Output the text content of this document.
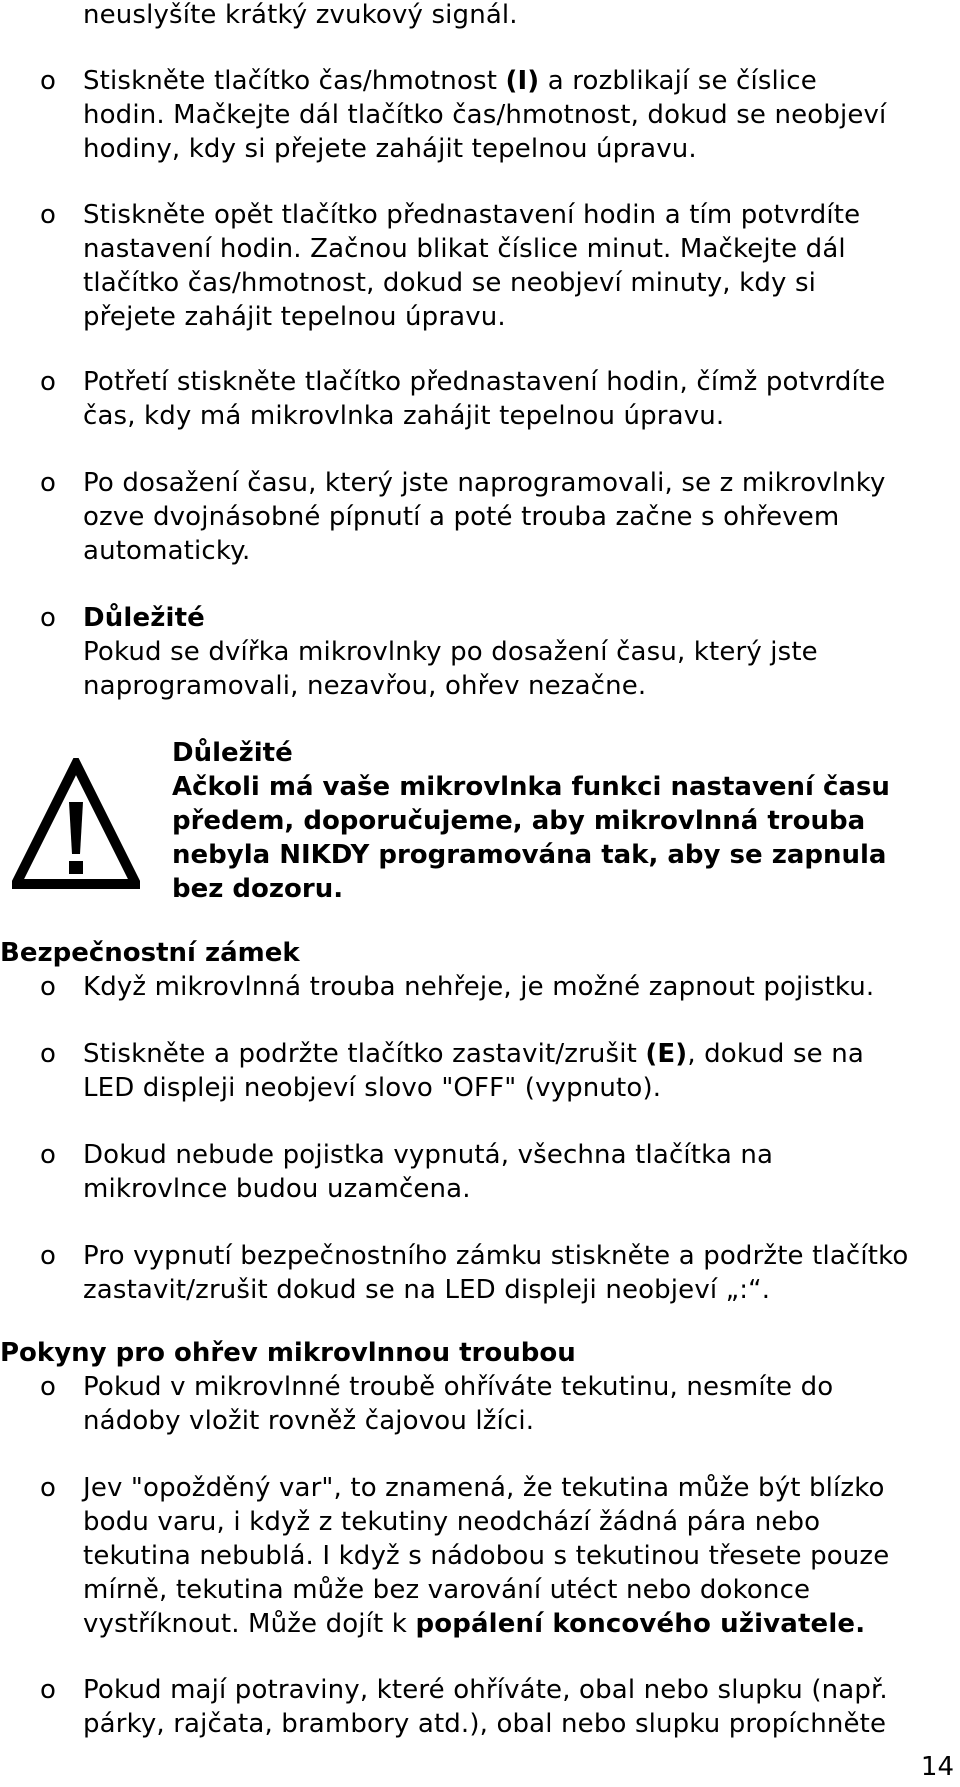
neuslyšíte krátký zvukový signál.
o Stiskněte tlačítko čas/hmotnost (I) a rozblikají se číslice
hodin. Mačkejte dál tlačítko čas/hmotnost, dokud se neobjeví
hodiny, kdy si přejete zahájit tepelnou úpravu.
o Stiskněte opět tlačítko přednastavení hodin a tím potvrdíte
nastavení hodin. Začnou blikat číslice minut. Mačkejte dál
tlačítko čas/hmotnost, dokud se neobjeví minuty, kdy si
přejete zahájit tepelnou úpravu.
o Potřetí stiskněte tlačítko přednastavení hodin, čímž potvrdíte
čas, kdy má mikrovlnka zahájit tepelnou úpravu.
o Po dosažení času, který jste naprogramovali, se z mikrovlnky
ozve dvojnásobné pípnutí a poté trouba začne s ohřevem
automaticky.
o Důležité
Pokud se dvířka mikrovlnky po dosažení času, který jste
naprogramovali, nezavřou, ohřev nezačne.
Důležité
Ačkoli má vaše mikrovlnka funkci nastavení času
předem, doporučujeme, aby mikrovlnná trouba
nebyla NIKDY programována tak, aby se zapnula
bez dozoru.
Bezpečnostní zámek
o Když mikrovlnná trouba nehřeje, je možné zapnout pojistku.
o Stiskněte a podržte tlačítko zastavit/zrušit (E), dokud se na
LED displeji neobjeví slovo "OFF" (vypnuto).
o Dokud nebude pojistka vypnutá, všechna tlačítka na
mikrovlnce budou uzamčena.
o Pro vypnutí bezpečnostního zámku stiskněte a podržte tlačítko
zastavit/zrušit dokud se na LED displeji neobjeví „:“.
Pokyny pro ohřev mikrovlnnou troubou
o Pokud v mikrovlnné troubě ohříváte tekutinu, nesmíte do
nádoby vložit rovněž čajovou lžíci.
o Jev "opožděný var", to znamená, že tekutina může být blízko
bodu varu, i když z tekutiny neodchází žádná pára nebo
tekutina nebublá. I když s nádobou s tekutinou třesete pouze
mírně, tekutina může bez varování utéct nebo dokonce
vystříknout. Může dojít k popálení koncového uživatele.
o Pokud mají potraviny, které ohříváte, obal nebo slupku (např.
párky, rajčata, brambory atd.), obal nebo slupku propíchněte
14
